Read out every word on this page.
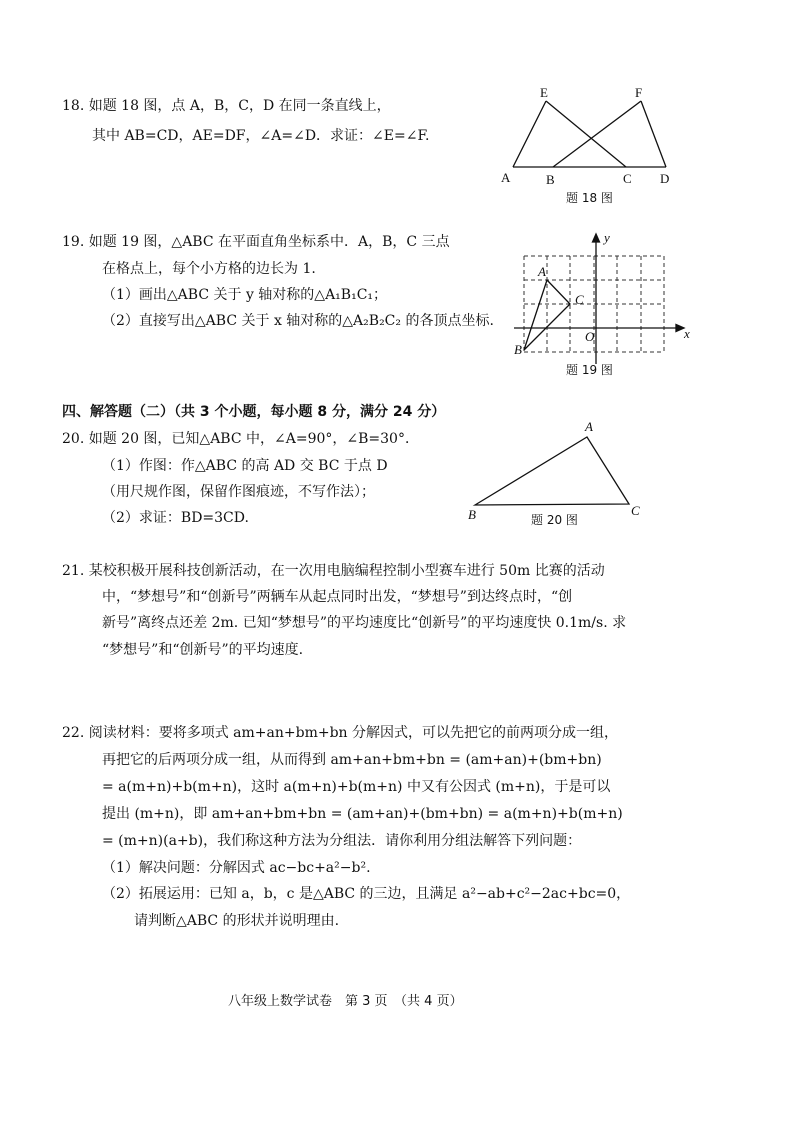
18. 如题 18 图，点 A，B，C，D 在同一条直线上，
其中 AB=CD，AE=DF，∠A=∠D．求证：∠E=∠F.
E	F
A	B	C D
题 18 图
19. 如题 19 图，△ABC 在平面直角坐标系中．A，B，C 三点
在格点上，每个小方格的边长为 1.
（1）画出△ABC 关于 y 轴对称的△A₁B₁C₁；
（2）直接写出△ABC 关于 x 轴对称的△A₂B₂C₂ 的各顶点坐标.
x
y
A
B
C
O
题 19 图
四、解答题（二）（共 3 个小题，每小题 8 分，满分 24 分）
20. 如题 20 图，已知△ABC 中，∠A=90°，∠B=30°．
（1）作图：作△ABC 的高 AD 交 BC 于点 D
（用尺规作图，保留作图痕迹，不写作法）；
（2）求证：BD=3CD.
A
B	C
题 20 图
21. 某校积极开展科技创新活动，在一次用电脑编程控制小型赛车进行 50m 比赛的活动
中，“梦想号”和“创新号”两辆车从起点同时出发，“梦想号”到达终点时，“创
新号”离终点还差 2m. 已知“梦想号”的平均速度比“创新号”的平均速度快 0.1m/s. 求
“梦想号”和“创新号”的平均速度.
22. 阅读材料：要将多项式 am+an+bm+bn 分解因式，可以先把它的前两项分成一组，
再把它的后两项分成一组，从而得到 am+an+bm+bn = (am+an)+(bm+bn)
= a(m+n)+b(m+n)，这时 a(m+n)+b(m+n) 中又有公因式 (m+n)，于是可以
提出 (m+n)，即 am+an+bm+bn = (am+an)+(bm+bn) = a(m+n)+b(m+n)
= (m+n)(a+b)，我们称这种方法为分组法．请你利用分组法解答下列问题：
（1）解决问题：分解因式 ac−bc+a²−b².
（2）拓展运用：已知 a，b，c 是△ABC 的三边，且满足 a²−ab+c²−2ac+bc=0，
请判断△ABC 的形状并说明理由.
八年级上数学试卷　第 3 页　（共 4 页）
